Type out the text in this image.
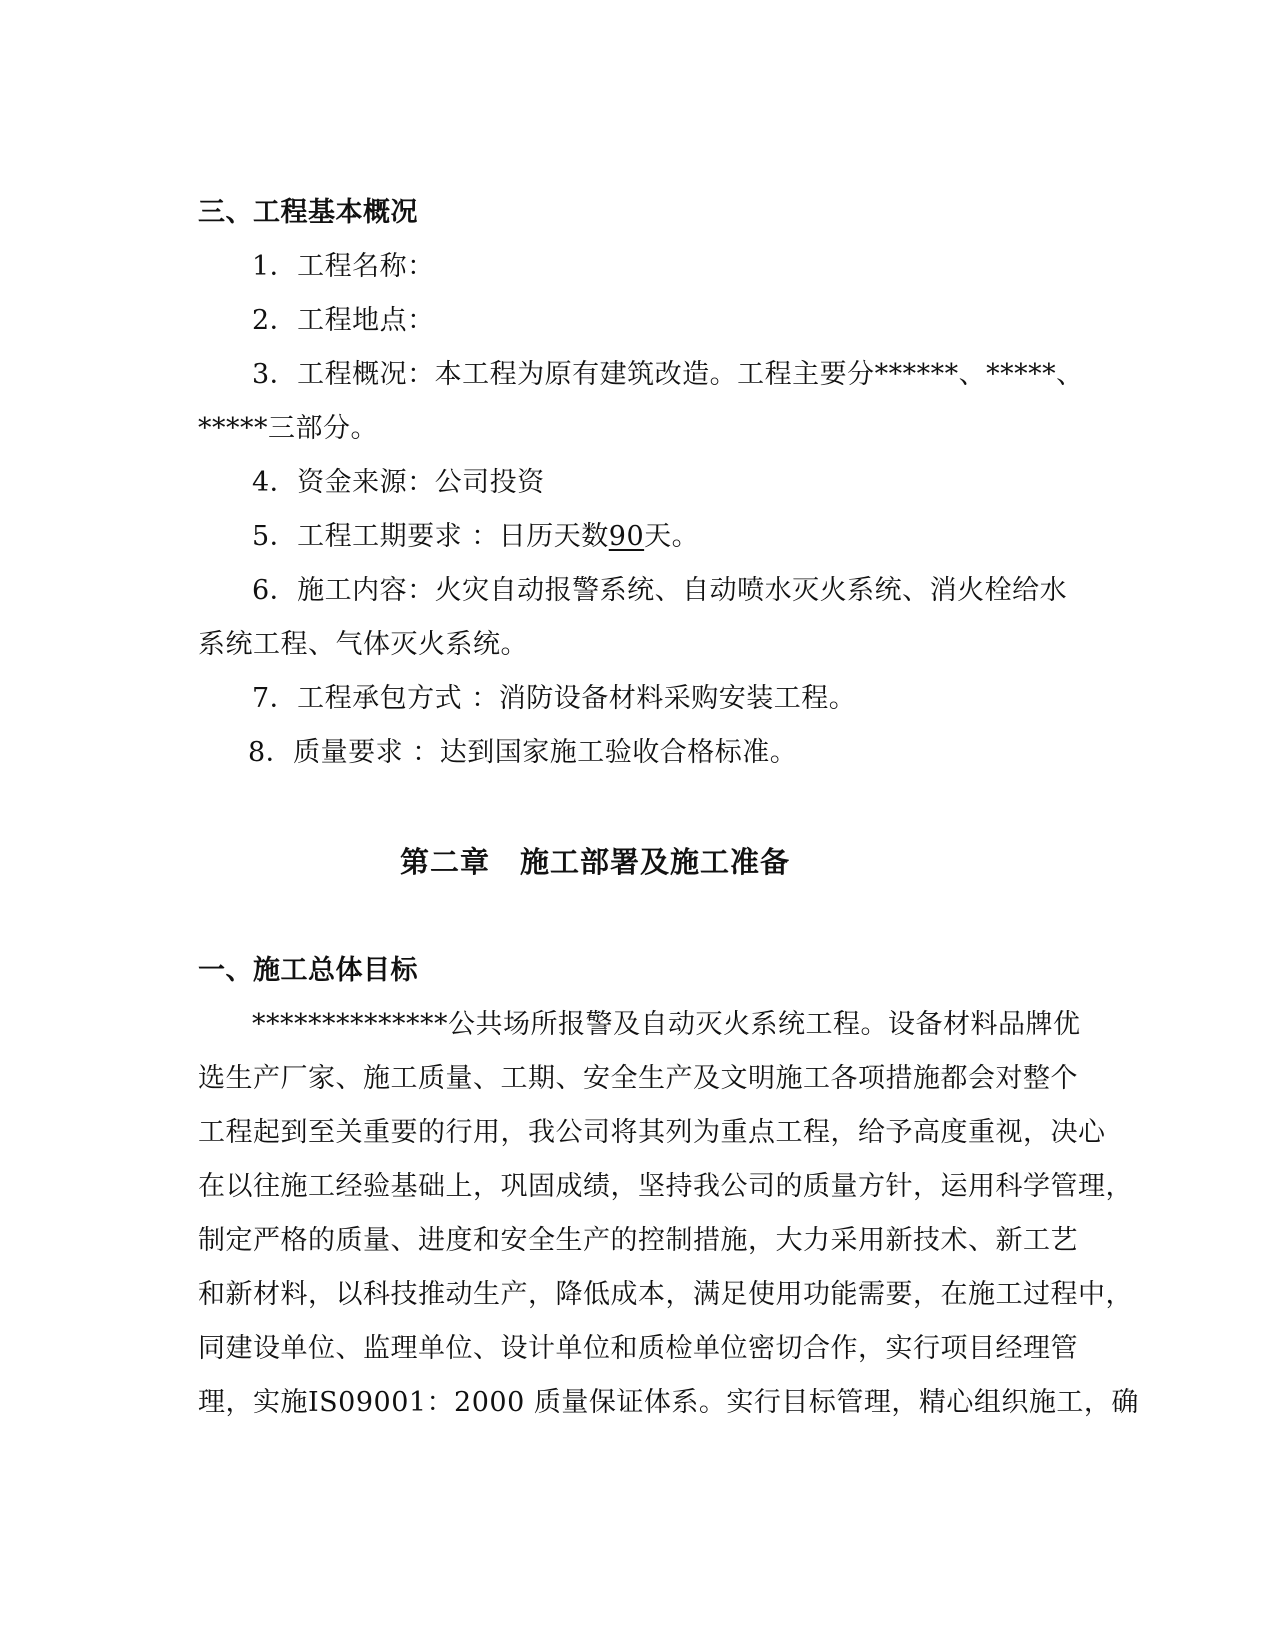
三、工程基本概况
1．工程名称：
2．工程地点：
3．工程概况：本工程为原有建筑改造。工程主要分******、*****、
*****三部分。
4．资金来源：公司投资
5．工程工期要求 ：日历天数90天。
6．施工内容：火灾自动报警系统、自动喷水灭火系统、消火栓给水
系统工程、气体灭火系统。
7．工程承包方式 ：消防设备材料采购安装工程。
8．质量要求 ：达到国家施工验收合格标准。
第二章　施工部署及施工准备
一、施工总体目标
**************公共场所报警及自动灭火系统工程。设备材料品牌优
选生产厂家、施工质量、工期、安全生产及文明施工各项措施都会对整个
工程起到至关重要的行用，我公司将其列为重点工程，给予高度重视，决心
在以往施工经验基础上，巩固成绩，坚持我公司的质量方针，运用科学管理，
制定严格的质量、进度和安全生产的控制措施，大力采用新技术、新工艺
和新材料，以科技推动生产，降低成本，满足使用功能需要，在施工过程中，
同建设单位、监理单位、设计单位和质检单位密切合作，实行项目经理管
理，实施IS09001：2000 质量保证体系。实行目标管理，精心组织施工，确
